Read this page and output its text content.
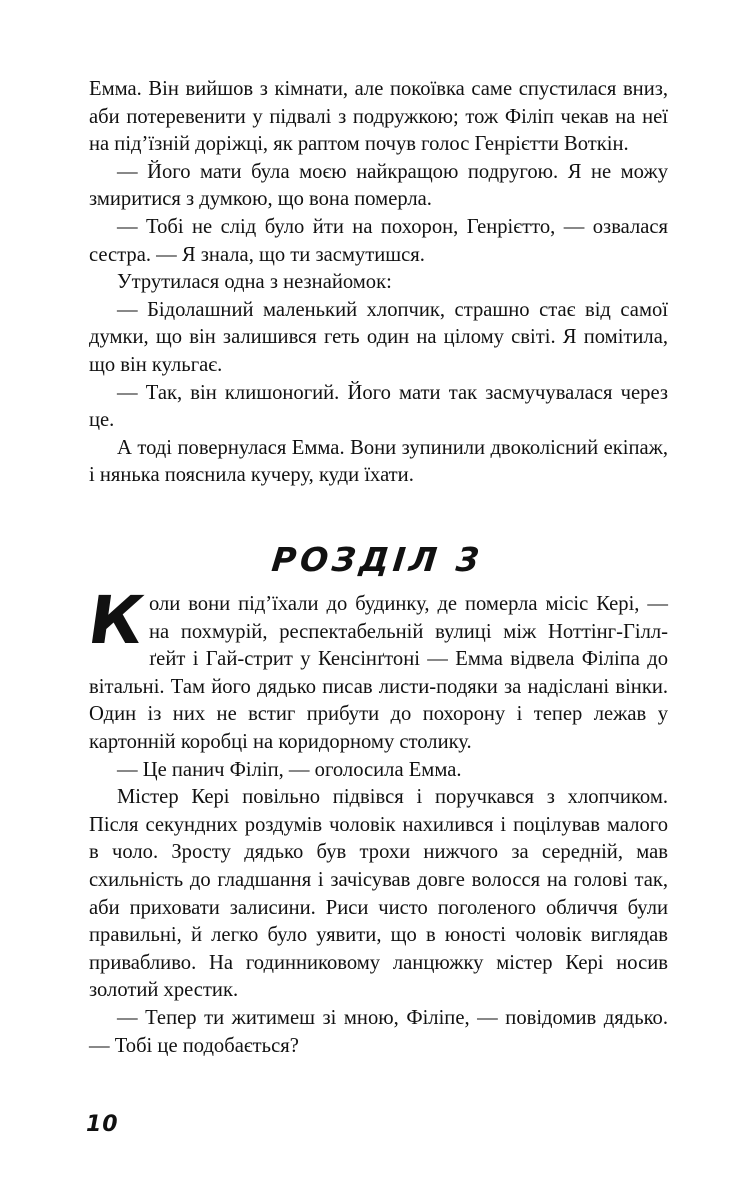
Емма. Він вийшов з кімнати, але покоївка саме спустилася вниз, аби потеревенити у підвалі з подружкою; тож Філіп чекав на неї на під’їзній доріжці, як раптом почув голос Генрієтти Воткін.

— Його мати була моєю найкращою подругою. Я не можу змиритися з думкою, що вона померла.

— Тобі не слід було йти на похорон, Генрієтто, — озвалася сестра. — Я знала, що ти засмутишся.

Утрутилася одна з незнайомок:

— Бідолашний маленький хлопчик, страшно стає від самої думки, що він залишився геть один на цілому світі. Я помітила, що він кульгає.

— Так, він клишоногий. Його мати так засмучувалася через це.

А тоді повернулася Емма. Вони зупинили двоколісний екіпаж, і нянька пояснила кучеру, куди їхати.

РОЗДІЛ 3

Коли вони під’їхали до будинку, де померла місіс Кері, — на похмурій, респектабельній вулиці між Ноттінг-Гілл-ґейт і Гай-стрит у Кенсінґтоні — Емма відвела Філіпа до вітальні. Там його дядько писав листи-подяки за надіслані вінки. Один із них не встиг прибути до похорону і тепер лежав у картонній коробці на коридорному столику.

— Це панич Філіп, — оголосила Емма.

Містер Кері повільно підвівся і поручкався з хлопчиком. Після секундних роздумів чоловік нахилився і поцілував малого в чоло. Зросту дядько був трохи нижчого за середній, мав схильність до гладшання і зачісував довге волосся на голові так, аби приховати залисини. Риси чисто поголеного обличчя були правильні, й легко було уявити, що в юності чоловік виглядав привабливо. На годинниковому ланцюжку містер Кері носив золотий хрестик.

— Тепер ти житимеш зі мною, Філіпе, — повідомив дядько. — Тобі це подобається?

10
